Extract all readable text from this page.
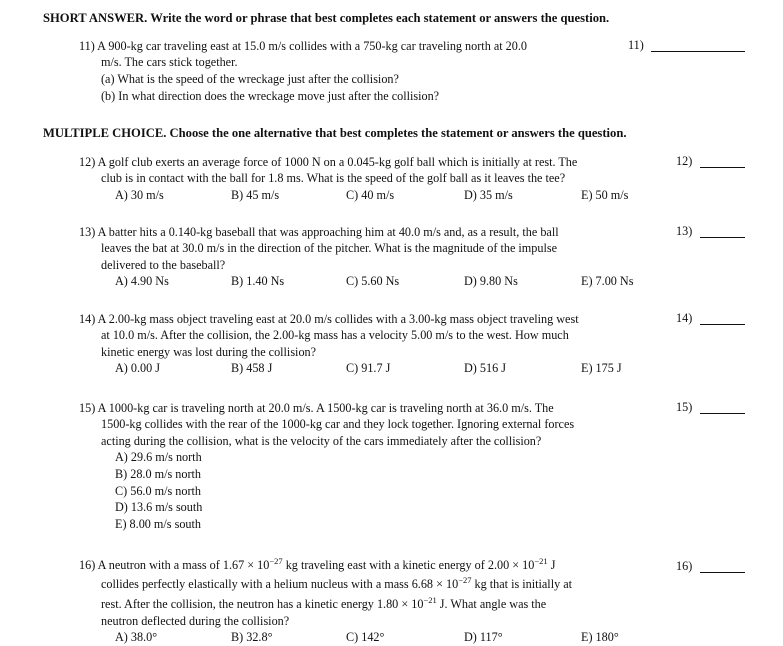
SHORT ANSWER. Write the word or phrase that best completes each statement or answers the question.
MULTIPLE CHOICE. Choose the one alternative that best completes the statement or answers the question.
11) A 900-kg car traveling east at 15.0 m/s collides with a 750-kg car traveling north at 20.0
m/s. The cars stick together.
(a) What is the speed of the wreckage just after the collision?
(b) In what direction does the wreckage move just after the collision?
11)
12) A golf club exerts an average force of 1000 N on a 0.045-kg golf ball which is initially at rest. The
club is in contact with the ball for 1.8 ms. What is the speed of the golf ball as it leaves the tee?
A) 30 m/s	B) 45 m/s	C) 40 m/s	D) 35 m/s	E) 50 m/s
12)
13) A batter hits a 0.140-kg baseball that was approaching him at 40.0 m/s and, as a result, the ball
leaves the bat at 30.0 m/s in the direction of the pitcher. What is the magnitude of the impulse
delivered to the baseball?
A) 4.90 Ns	B) 1.40 Ns	C) 5.60 Ns	D) 9.80 Ns	E) 7.00 Ns
13)
14) A 2.00-kg mass object traveling east at 20.0 m/s collides with a 3.00-kg mass object traveling west
at 10.0 m/s. After the collision, the 2.00-kg mass has a velocity 5.00 m/s to the west. How much
kinetic energy was lost during the collision?
A) 0.00 J	B) 458 J	C) 91.7 J	D) 516 J	E) 175 J
14)
15) A 1000-kg car is traveling north at 20.0 m/s. A 1500-kg car is traveling north at 36.0 m/s. The
1500-kg collides with the rear of the 1000-kg car and they lock together. Ignoring external forces
acting during the collision, what is the velocity of the cars immediately after the collision?
A) 29.6 m/s north
B) 28.0 m/s north
C) 56.0 m/s north
D) 13.6 m/s south
E) 8.00 m/s south
15)
16) A neutron with a mass of $1.67 \times 10^{-27}$ kg traveling east with a kinetic energy of $2.00 \times 10^{-21}$ J
collides perfectly elastically with a helium nucleus with a mass $6.68 \times 10^{-27}$ kg that is initially at
rest. After the collision, the neutron has a kinetic energy $1.80 \times 10^{-21}$ J. What angle was the
neutron deflected during the collision?
A) 38.0°	B) 32.8°	C) 142°	D) 117°	E) 180°
16)
